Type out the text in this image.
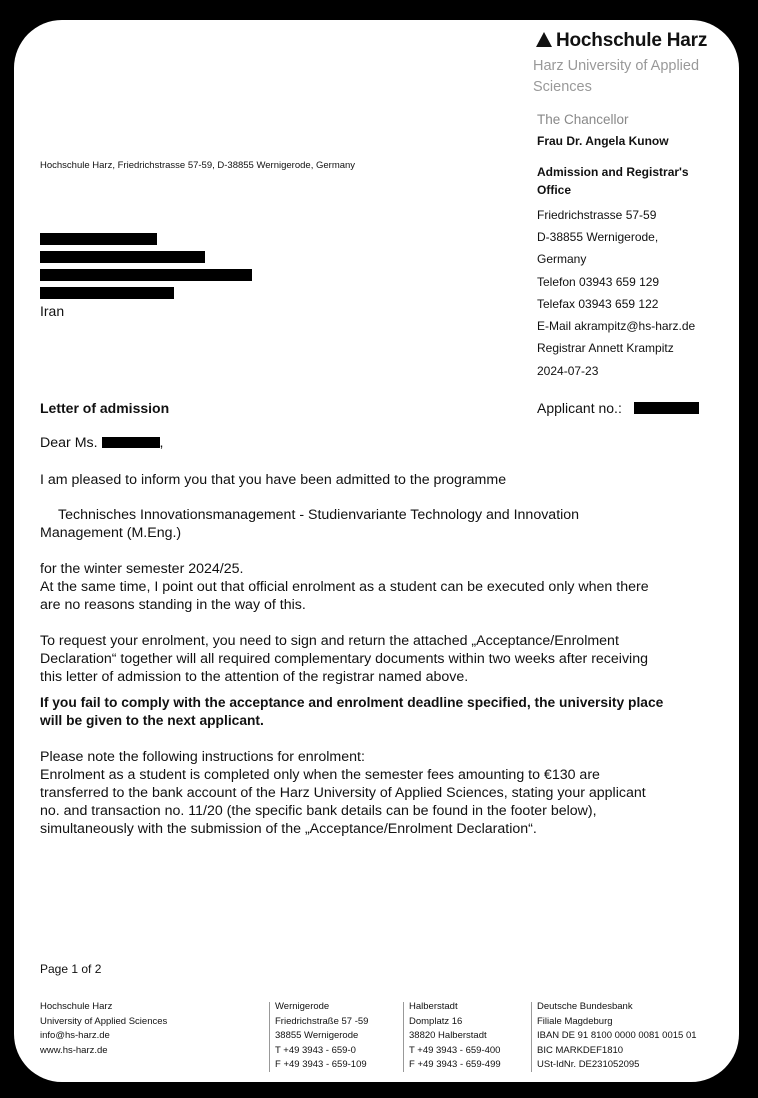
Hochschule Harz
Harz University of Applied
Sciences
The Chancellor
Frau Dr. Angela Kunow
Admission and Registrar's
Office
Friedrichstrasse 57-59
D-38855 Wernigerode,
Germany
Telefon 03943 659 129
Telefax 03943 659 122
E-Mail akrampitz@hs-harz.de
Registrar Annett Krampitz
2024-07-23
Hochschule Harz, Friedrichstrasse 57-59, D-38855 Wernigerode, Germany
Iran
Letter of admission	Applicant no.:
Dear Ms.	,
I am pleased to inform you that you have been admitted to the programme
Technisches Innovationsmanagement - Studienvariante Technology and Innovation
Management (M.Eng.)
for the winter semester 2024/25.
At the same time, I point out that official enrolment as a student can be executed only when there
are no reasons standing in the way of this.
To request your enrolment, you need to sign and return the attached „Acceptance/Enrolment
Declaration“ together will all required complementary documents within two weeks after receiving
this letter of admission to the attention of the registrar named above.
If you fail to comply with the acceptance and enrolment deadline specified, the university place
will be given to the next applicant.
Please note the following instructions for enrolment:
Enrolment as a student is completed only when the semester fees amounting to €130 are
transferred to the bank account of the Harz University of Applied Sciences, stating your applicant
no. and transaction no. 11/20 (the specific bank details can be found in the footer below),
simultaneously with the submission of the „Acceptance/Enrolment Declaration“.
Page 1 of 2
Hochschule Harz
University of Applied Sciences
info@hs-harz.de
www.hs-harz.de
Wernigerode
Friedrichstraße 57 -59
38855 Wernigerode
T +49 3943 - 659-0
F +49 3943 - 659-109
Halberstadt
Domplatz 16
38820 Halberstadt
T +49 3943 - 659-400
F +49 3943 - 659-499
Deutsche Bundesbank
Filiale Magdeburg
IBAN DE 91 8100 0000 0081 0015 01
BIC MARKDEF1810
USt-IdNr. DE231052095
